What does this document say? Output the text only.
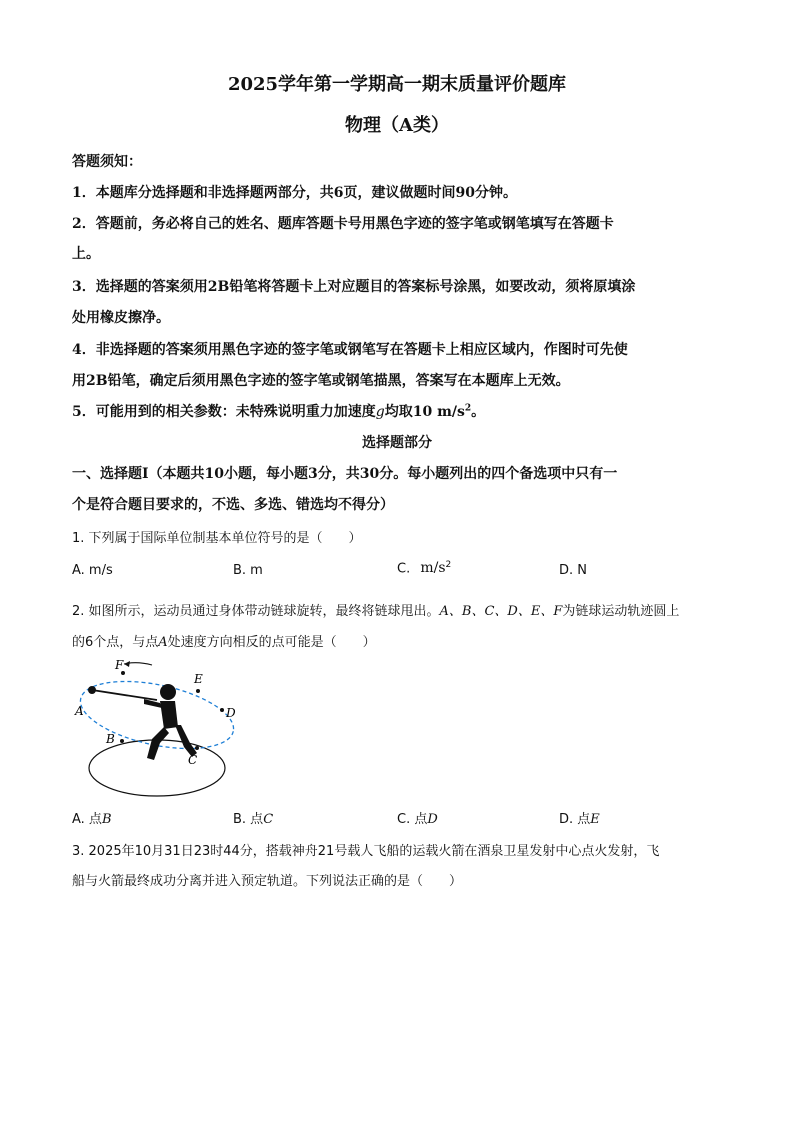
2025学年第一学期高一期末质量评价题库
物理（A类）
答题须知：
1．本题库分选择题和非选择题两部分，共6页，建议做题时间90分钟。
2．答题前，务必将自己的姓名、题库答题卡号用黑色字迹的签字笔或钢笔填写在答题卡
上。
3．选择题的答案须用2B铅笔将答题卡上对应题目的答案标号涂黑，如要改动，须将原填涂
处用橡皮擦净。
4．非选择题的答案须用黑色字迹的签字笔或钢笔写在答题卡上相应区域内，作图时可先使
用2B铅笔，确定后须用黑色字迹的签字笔或钢笔描黑，答案写在本题库上无效。
5．可能用到的相关参数：未特殊说明重力加速度g均取10 $m/s^2$。
选择题部分
一、选择题Ⅰ（本题共10小题，每小题3分，共30分。每小题列出的四个备选项中只有一
个是符合题目要求的，不选、多选、错选均不得分）
1. 下列属于国际单位制基本单位符号的是（　　）
A. m/s	B. m	C. $m/s^2$	D. N
2. 如图所示，运动员通过身体带动链球旋转，最终将链球甩出。A、B、C、D、E、F为链球运动轨迹圆上
的6个点，与点A处速度方向相反的点可能是（　　）
F
E
A	D
B
C
A. 点B	B. 点C	C. 点D	D. 点E
3. 2025年10月31日23时44分，搭载神舟21号载人飞船的运载火箭在酒泉卫星发射中心点火发射，飞
船与火箭最终成功分离并进入预定轨道。下列说法正确的是（　　）
